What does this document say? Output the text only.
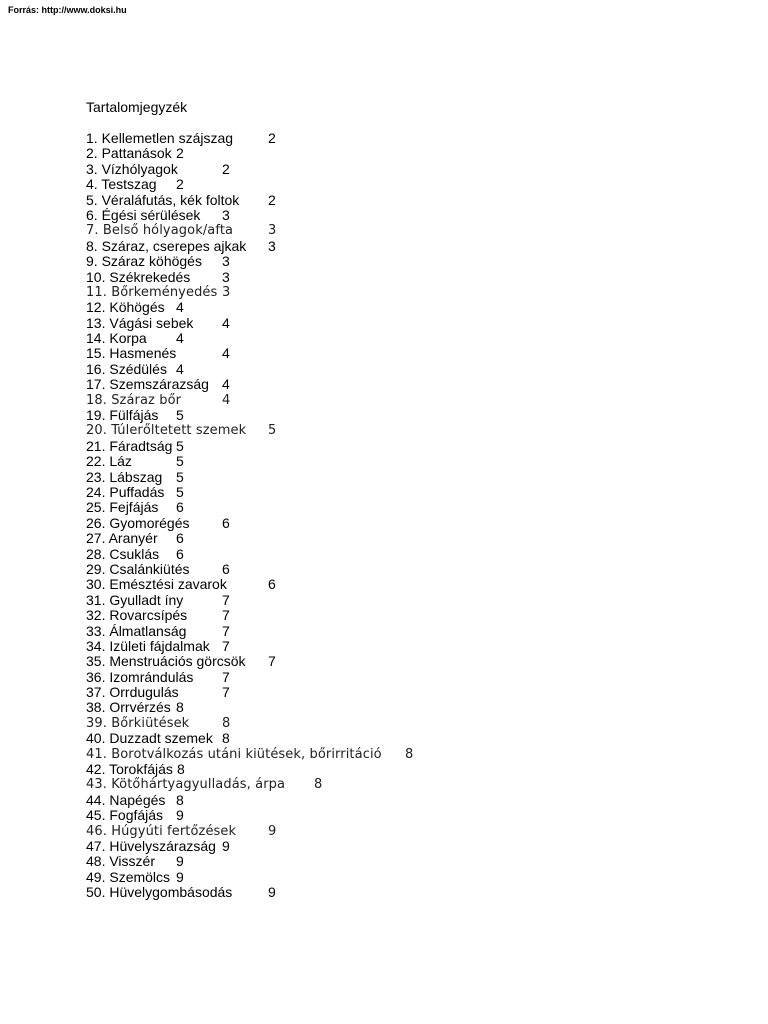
Forrás: http://www.doksi.hu
Tartalomjegyzék
1. Kellemetlen szájszag 2
2. Pattanások 2
3. Vízhólyagok	2
4. Testszag 2
5. Véraláfutás, kék foltok 2
6. Égési sérülések 3
7. Belső hólyagok/afta	3
8. Száraz, cserepes ajkak 3
9. Száraz köhögés 3
10. Székrekedés 3
11. Bőrkeményedés 3
12. Köhögés 4
13. Vágási sebek 4
14. Korpa 4
15. Hasmenés	4
16. Szédülés 4
17. Szemszárazság 4
18. Száraz bőr	4
19. Fülfájás 5
20. Túlerőltetett szemek 5
21. Fáradtság 5
22. Láz	5
23. Lábszag 5
24. Puffadás 5
25. Fejfájás 6
26. Gyomorégés 6
27. Aranyér 6
28. Csuklás 6
29. Csalánkiütés 6
30. Emésztési zavarok	6
31. Gyulladt íny	7
32. Rovarcsípés 7
33. Álmatlanság	7
34. Izületi fájdalmak 7
35. Menstruációs görcsök 7
36. Izomrándulás 7
37. Orrdugulás	7
38. Orrvérzés 8
39. Bőrkiütések	8
40. Duzzadt szemek 8
41. Borotválkozás utáni kiütések, bőrirritáció 8
42. Torokfájás 8
43. Kötőhártyagyulladás, árpa 8
44. Napégés 8
45. Fogfájás 9
46. Húgyúti fertőzések 9
47. Hüvelyszárazság 9
48. Visszér 9
49. Szemölcs 9
50. Hüvelygombásodás	9
